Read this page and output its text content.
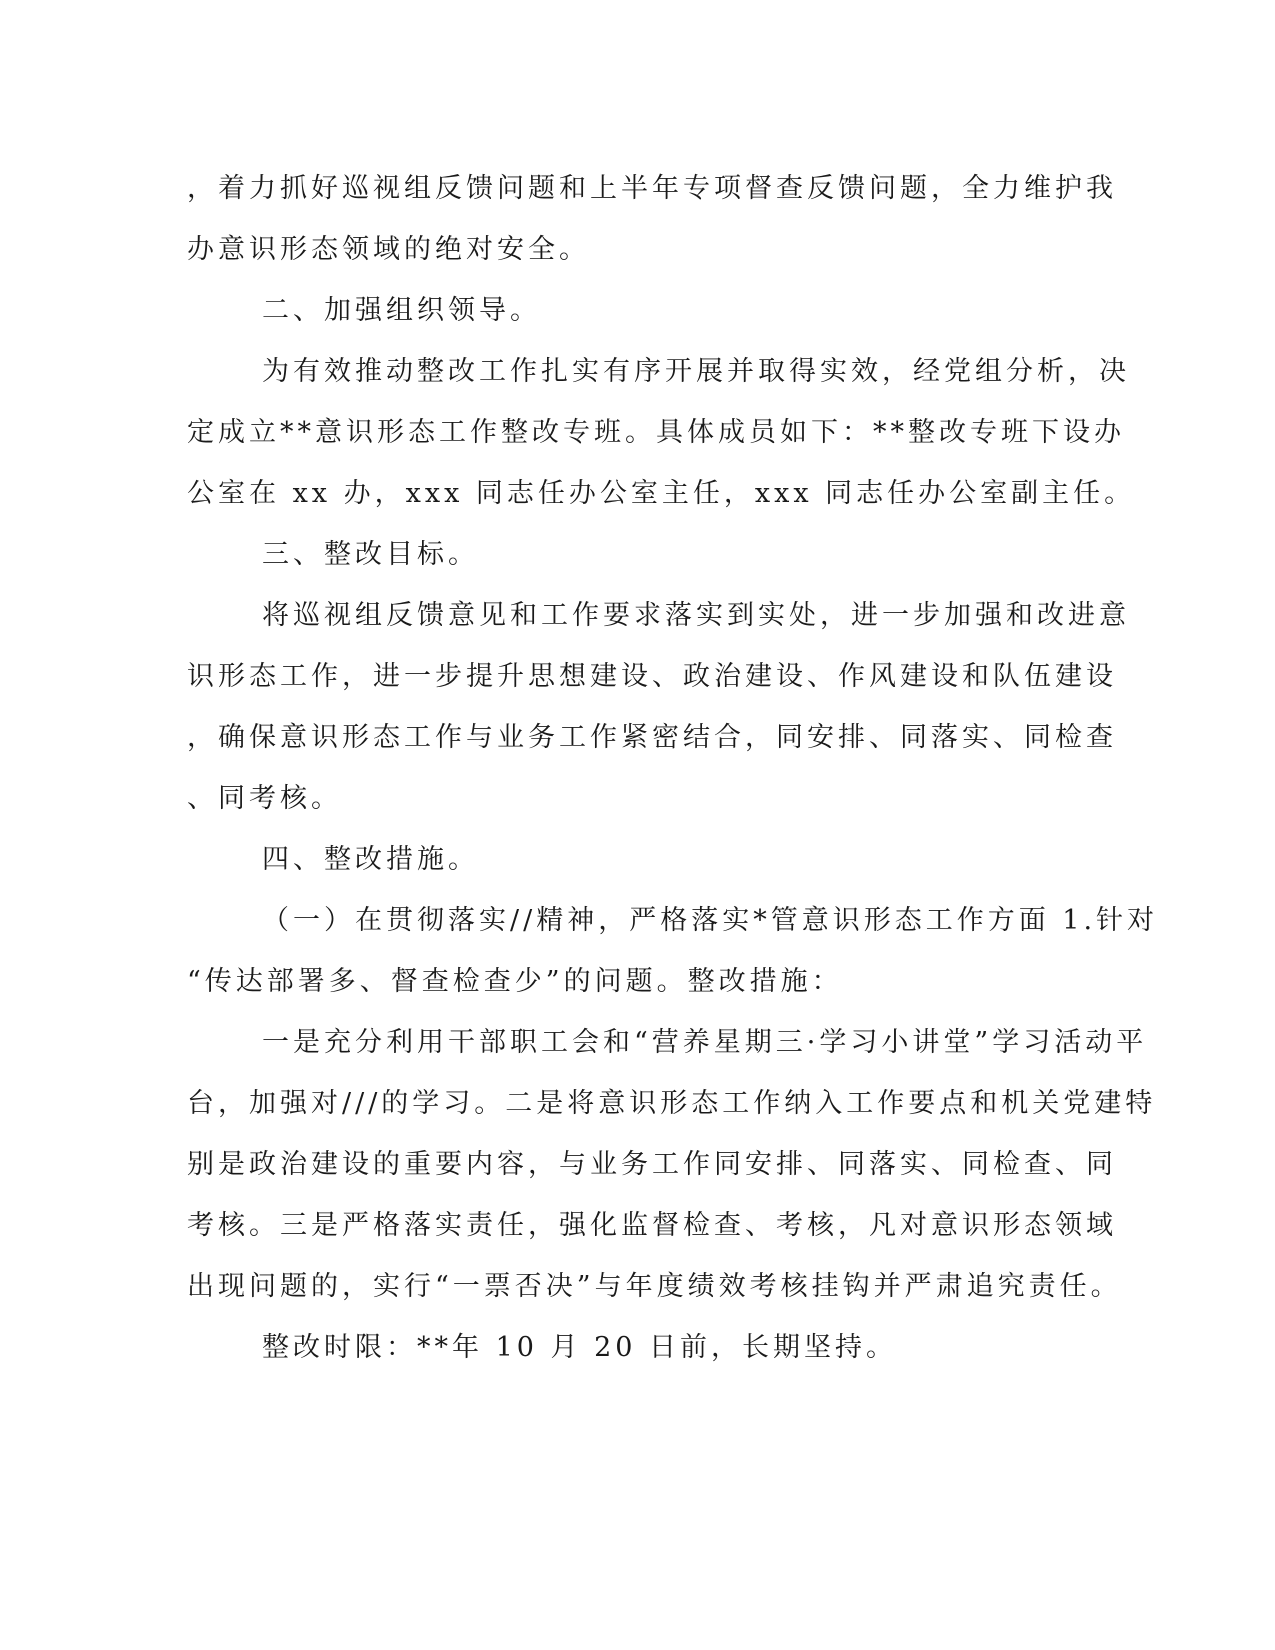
，着力抓好巡视组反馈问题和上半年专项督查反馈问题，全力维护我
办意识形态领域的绝对安全。
二、加强组织领导。
为有效推动整改工作扎实有序开展并取得实效，经党组分析，决
定成立**意识形态工作整改专班。具体成员如下：**整改专班下设办
公室在 xx 办，xxx 同志任办公室主任，xxx 同志任办公室副主任。
三、整改目标。
将巡视组反馈意见和工作要求落实到实处，进一步加强和改进意
识形态工作，进一步提升思想建设、政治建设、作风建设和队伍建设
，确保意识形态工作与业务工作紧密结合，同安排、同落实、同检查
、同考核。
四、整改措施。
（一）在贯彻落实//精神，严格落实*管意识形态工作方面 1.针对
“传达部署多、督查检查少”的问题。整改措施：
一是充分利用干部职工会和“营养星期三·学习小讲堂”学习活动平
台，加强对///的学习。二是将意识形态工作纳入工作要点和机关党建特
别是政治建设的重要内容，与业务工作同安排、同落实、同检查、同
考核。三是严格落实责任，强化监督检查、考核，凡对意识形态领域
出现问题的，实行“一票否决”与年度绩效考核挂钩并严肃追究责任。
整改时限：**年 10 月 20 日前，长期坚持。
